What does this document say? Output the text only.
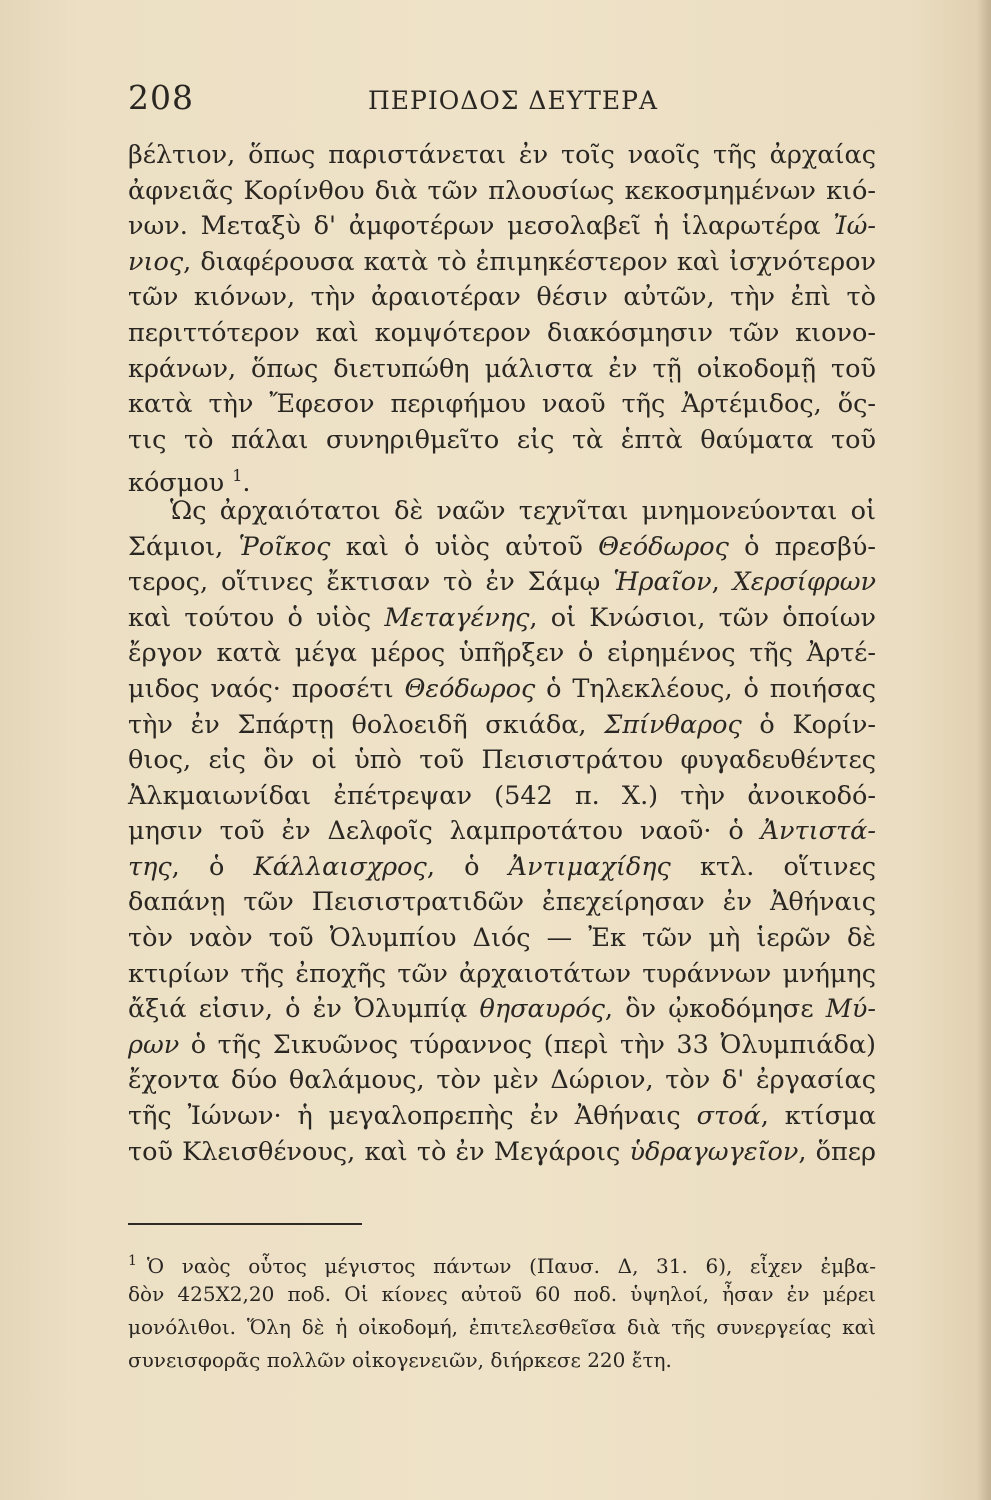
208	ΠΕΡΙΟΔΟΣ ΔΕΥΤΕΡΑ
βέλτιον, ὅπως παριστάνεται ἐν τοῖς ναοῖς τῆς ἀρχαίας
ἀφνειᾶς Κορίνθου διὰ τῶν πλουσίως κεκοσμημένων κιό-
νων. Μεταξὺ δ' ἀμφοτέρων μεσολαβεῖ ἡ ἱλαρωτέρα Ἰώ-
νιος, διαφέρουσα κατὰ τὸ ἐπιμηκέστερον καὶ ἰσχνότερον
τῶν κιόνων, τὴν ἀραιοτέραν θέσιν αὐτῶν, τὴν ἐπὶ τὸ
περιττότερον καὶ κομψότερον διακόσμησιν τῶν κιονο-
κράνων, ὅπως διετυπώθη μάλιστα ἐν τῇ οἰκοδομῇ τοῦ
κατὰ τὴν Ἔφεσον περιφήμου ναοῦ τῆς Ἀρτέμιδος, ὅς-
τις τὸ πάλαι συνηριθμεῖτο εἰς τὰ ἑπτὰ θαύματα τοῦ
κόσμου $^1$.
Ὡς ἀρχαιότατοι δὲ ναῶν τεχνῖται μνημονεύονται οἱ
Σάμιοι, Ῥοῖκος καὶ ὁ υἱὸς αὐτοῦ Θεόδωρος ὁ πρεσβύ-
τερος, οἵτινες ἔκτισαν τὸ ἐν Σάμῳ Ἡραῖον, Χερσίφρων
καὶ τούτου ὁ υἱὸς Μεταγένης, οἱ Κνώσιοι, τῶν ὁποίων
ἔργον κατὰ μέγα μέρος ὑπῆρξεν ὁ εἰρημένος τῆς Ἀρτέ-
μιδος ναός· προσέτι Θεόδωρος ὁ Τηλεκλέους, ὁ ποιήσας
τὴν ἐν Σπάρτῃ θολοειδῆ σκιάδα, Σπίνθαρος ὁ Κορίν-
θιος, εἰς ὃν οἱ ὑπὸ τοῦ Πεισιστράτου φυγαδευθέντες
Ἀλκμαιωνίδαι ἐπέτρεψαν (542 π. Χ.) τὴν ἀνοικοδό-
μησιν τοῦ ἐν Δελφοῖς λαμπροτάτου ναοῦ· ὁ Ἀντιστά-
της, ὁ Κάλλαισχρος, ὁ Ἀντιμαχίδης κτλ. οἵτινες
δαπάνῃ τῶν Πεισιστρατιδῶν ἐπεχείρησαν ἐν Ἀθήναις
τὸν ναὸν τοῦ Ὀλυμπίου Διός — Ἐκ τῶν μὴ ἱερῶν δὲ
κτιρίων τῆς ἐποχῆς τῶν ἀρχαιοτάτων τυράννων μνήμης
ἄξιά εἰσιν, ὁ ἐν Ὀλυμπίᾳ θησαυρός, ὃν ᾠκοδόμησε Μύ-
ρων ὁ τῆς Σικυῶνος τύραννος (περὶ τὴν 33 Ὀλυμπιάδα)
ἔχοντα δύο θαλάμους, τὸν μὲν Δώριον, τὸν δ' ἐργασίας
τῆς Ἰώνων· ἡ μεγαλοπρεπὴς ἐν Ἀθήναις στοά, κτίσμα
τοῦ Κλεισθένους, καὶ τὸ ἐν Μεγάροις ὑδραγωγεῖον, ὅπερ
$^1$ Ὁ ναὸς οὗτος μέγιστος πάντων (Παυσ. Δ, 31. 6), εἶχεν ἐμβα-
δὸν 425Χ2,20 ποδ. Οἱ κίονες αὐτοῦ 60 ποδ. ὑψηλοί, ἦσαν ἐν μέρει
μονόλιθοι. Ὅλη δὲ ἡ οἰκοδομή, ἐπιτελεσθεῖσα διὰ τῆς συνεργείας καὶ
συνεισφορᾶς πολλῶν οἰκογενειῶν, διήρκεσε 220 ἔτη.
